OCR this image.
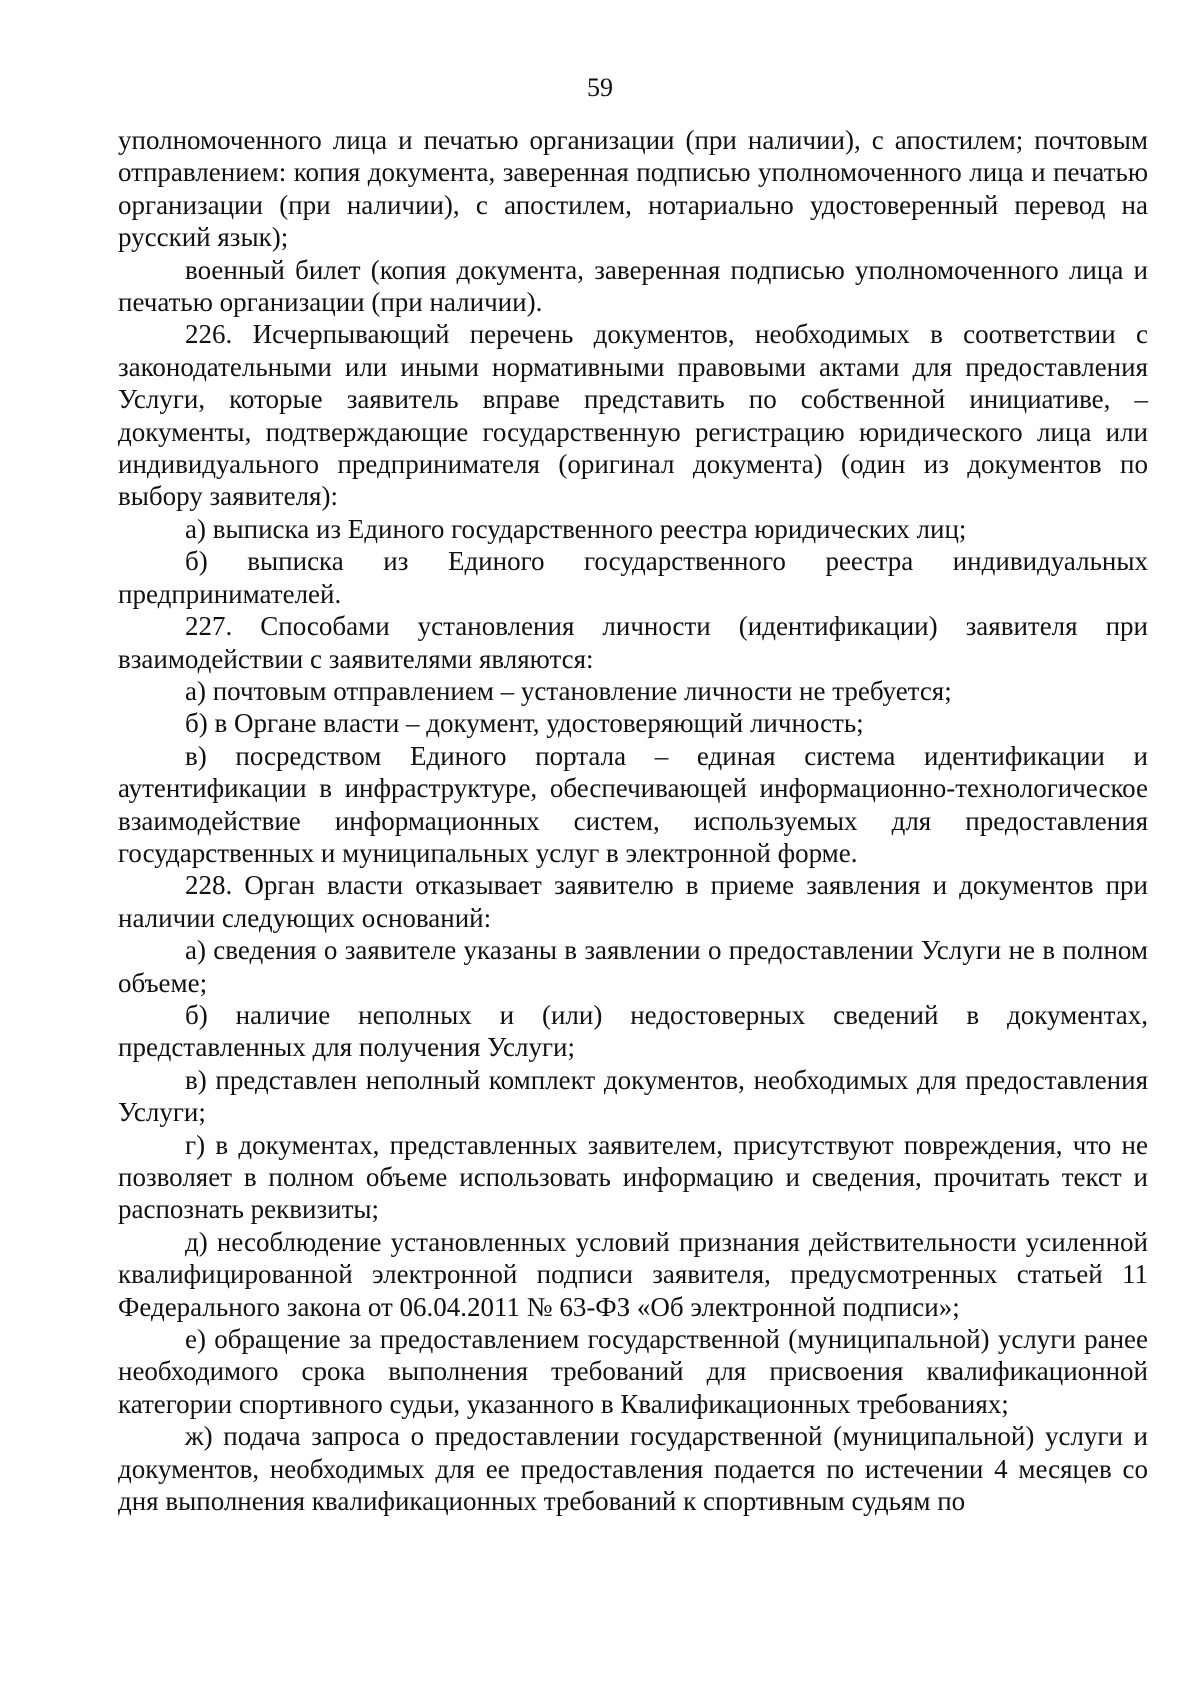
59

уполномоченного лица и печатью организации (при наличии), с апостилем; почтовым отправлением: копия документа, заверенная подписью уполномоченного лица и печатью организации (при наличии), с апостилем, нотариально удостоверенный перевод на русский язык);

военный билет (копия документа, заверенная подписью уполномоченного лица и печатью организации (при наличии).

226. Исчерпывающий перечень документов, необходимых в соответствии с законодательными или иными нормативными правовыми актами для предоставления Услуги, которые заявитель вправе представить по собственной инициативе, – документы, подтверждающие государственную регистрацию юридического лица или индивидуального предпринимателя (оригинал документа) (один из документов по выбору заявителя):

а) выписка из Единого государственного реестра юридических лиц;

б) выписка из Единого государственного реестра индивидуальных предпринимателей.

227. Способами установления личности (идентификации) заявителя при взаимодействии с заявителями являются:

а) почтовым отправлением – установление личности не требуется;

б) в Органе власти – документ, удостоверяющий личность;

в) посредством Единого портала – единая система идентификации и аутентификации в инфраструктуре, обеспечивающей информационно-технологическое взаимодействие информационных систем, используемых для предоставления государственных и муниципальных услуг в электронной форме.

228. Орган власти отказывает заявителю в приеме заявления и документов при наличии следующих оснований:

а) сведения о заявителе указаны в заявлении о предоставлении Услуги не в полном объеме;

б) наличие неполных и (или) недостоверных сведений в документах, представленных для получения Услуги;

в) представлен неполный комплект документов, необходимых для предоставления Услуги;

г) в документах, представленных заявителем, присутствуют повреждения, что не позволяет в полном объеме использовать информацию и сведения, прочитать текст и распознать реквизиты;

д) несоблюдение установленных условий признания действительности усиленной квалифицированной электронной подписи заявителя, предусмотренных статьей 11 Федерального закона от 06.04.2011 № 63-ФЗ «Об электронной подписи»;

е) обращение за предоставлением государственной (муниципальной) услуги ранее необходимого срока выполнения требований для присвоения квалификационной категории спортивного судьи, указанного в Квалификационных требованиях;

ж) подача запроса о предоставлении государственной (муниципальной) услуги и документов, необходимых для ее предоставления подается по истечении 4 месяцев со дня выполнения квалификационных требований к спортивным судьям по
